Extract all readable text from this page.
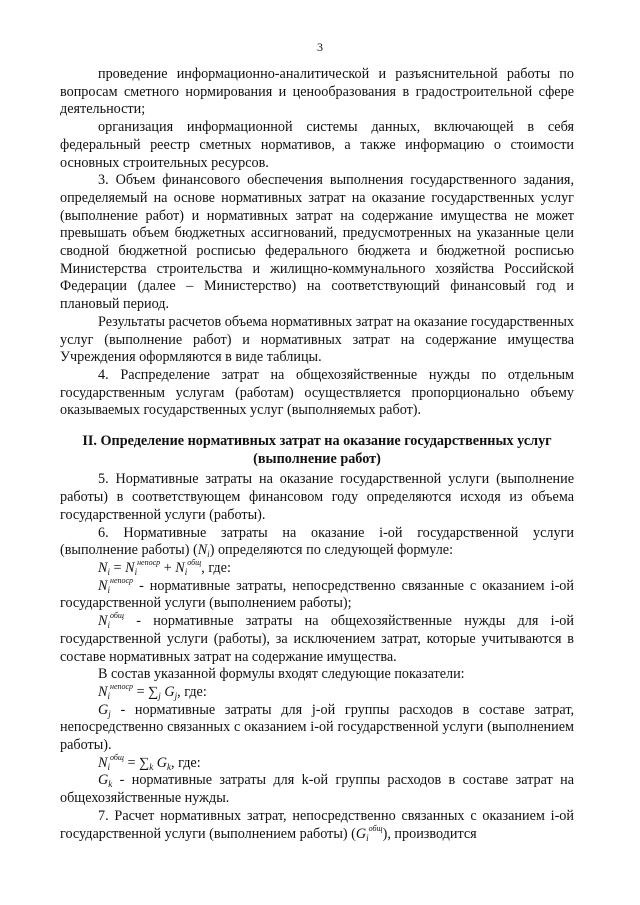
3

проведение информационно-аналитической и разъяснительной работы по вопросам сметного нормирования и ценообразования в градостроительной сфере деятельности;

организация информационной системы данных, включающей в себя федеральный реестр сметных нормативов, а также информацию о стоимости основных строительных ресурсов.

3. Объем финансового обеспечения выполнения государственного задания, определяемый на основе нормативных затрат на оказание государственных услуг (выполнение работ) и нормативных затрат на содержание имущества не может превышать объем бюджетных ассигнований, предусмотренных на указанные цели сводной бюджетной росписью федерального бюджета и бюджетной росписью Министерства строительства и жилищно-коммунального хозяйства Российской Федерации (далее – Министерство) на соответствующий финансовый год и плановый период.

Результаты расчетов объема нормативных затрат на оказание государственных услуг (выполнение работ) и нормативных затрат на содержание имущества Учреждения оформляются в виде таблицы.

4. Распределение затрат на общехозяйственные нужды по отдельным государственным услугам (работам) осуществляется пропорционально объему оказываемых государственных услуг (выполняемых работ).

II. Определение нормативных затрат на оказание государственных услуг (выполнение работ)

5. Нормативные затраты на оказание государственной услуги (выполнение работы) в соответствующем финансовом году определяются исходя из объема государственной услуги (работы).

6. Нормативные затраты на оказание i-ой государственной услуги (выполнение работы) $(N_i)$ определяются по следующей формуле:

$N_i = N_i^{непоср} + N_i^{общ}$, где:

$N_i^{непоср}$ - нормативные затраты, непосредственно связанные с оказанием i-ой государственной услуги (выполнением работы);

$N_i^{общ}$ - нормативные затраты на общехозяйственные нужды для i-ой государственной услуги (работы), за исключением затрат, которые учитываются в составе нормативных затрат на содержание имущества.

В состав указанной формулы входят следующие показатели:

$N_i^{непоср} = \sum_j$ $G_j$, где:

$G_j$ - нормативные затраты для j-ой группы расходов в составе затрат, непосредственно связанных с оказанием i-ой государственной услуги (выполнением работы).

$N_i^{общ} = \sum_k$ $G_k$, где:

$G_k$ - нормативные затраты для k-ой группы расходов в составе затрат на общехозяйственные нужды.

7. Расчет нормативных затрат, непосредственно связанных с оказанием i-ой государственной услуги (выполнением работы) $(G_i^{общ})$, производится
